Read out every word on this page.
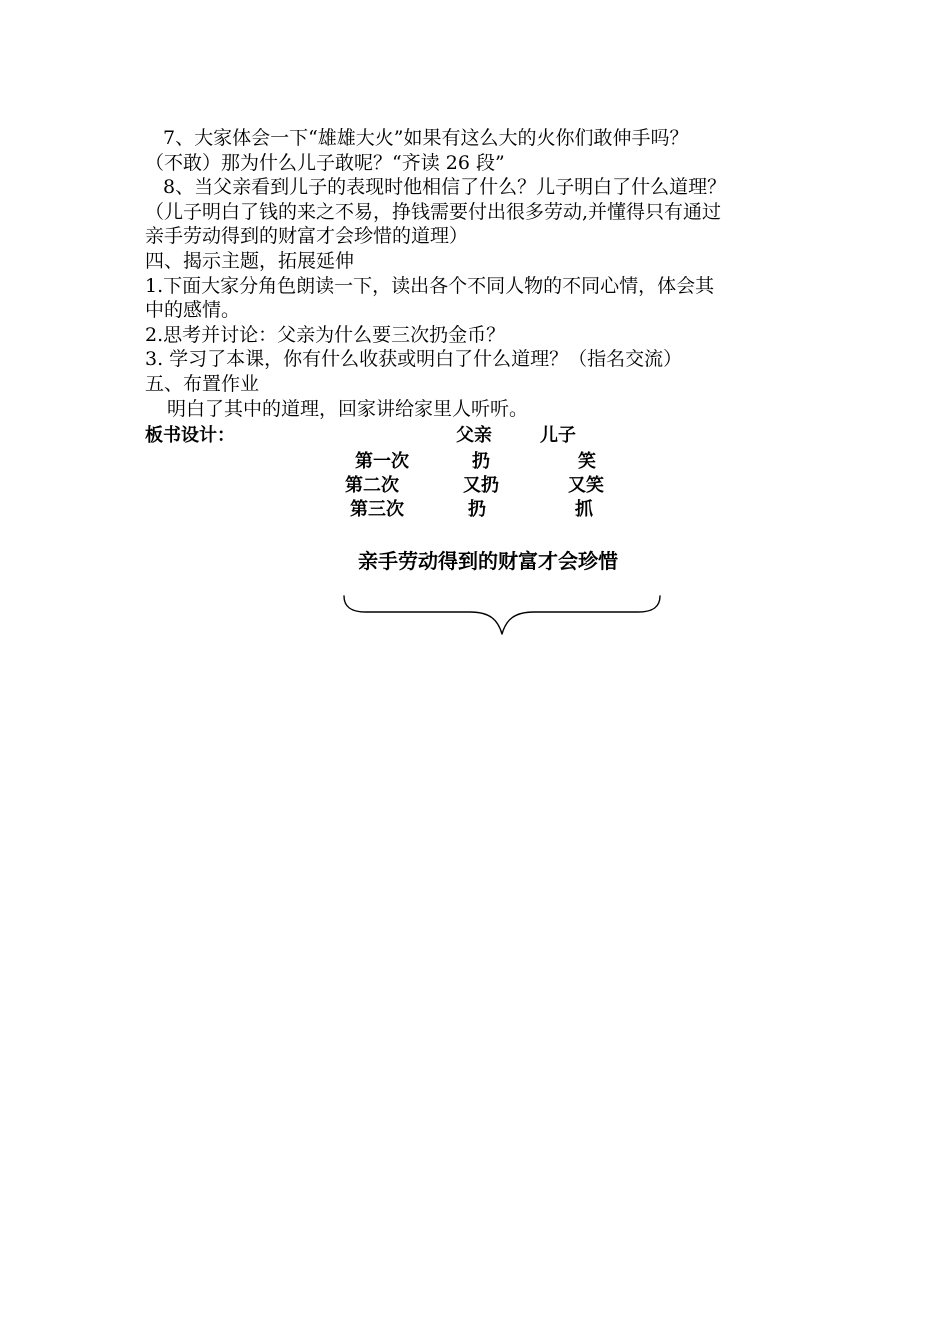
7、大家体会一下“雄雄大火”如果有这么大的火你们敢伸手吗？
（不敢）那为什么儿子敢呢？“齐读 26 段”
8、当父亲看到儿子的表现时他相信了什么？儿子明白了什么道理？
（儿子明白了钱的来之不易，挣钱需要付出很多劳动,并懂得只有通过
亲手劳动得到的财富才会珍惜的道理）
四、揭示主题，拓展延伸
1.下面大家分角色朗读一下，读出各个不同人物的不同心情，体会其
中的感情。
2.思考并讨论：父亲为什么要三次扔金币？
3. 学习了本课，你有什么收获或明白了什么道理？（指名交流）
五、布置作业
明白了其中的道理，回家讲给家里人听听。
板书设计：	父亲	儿子
第一次	扔	笑
第二次	又扔	又笑
第三次	扔	抓
亲手劳动得到的财富才会珍惜
